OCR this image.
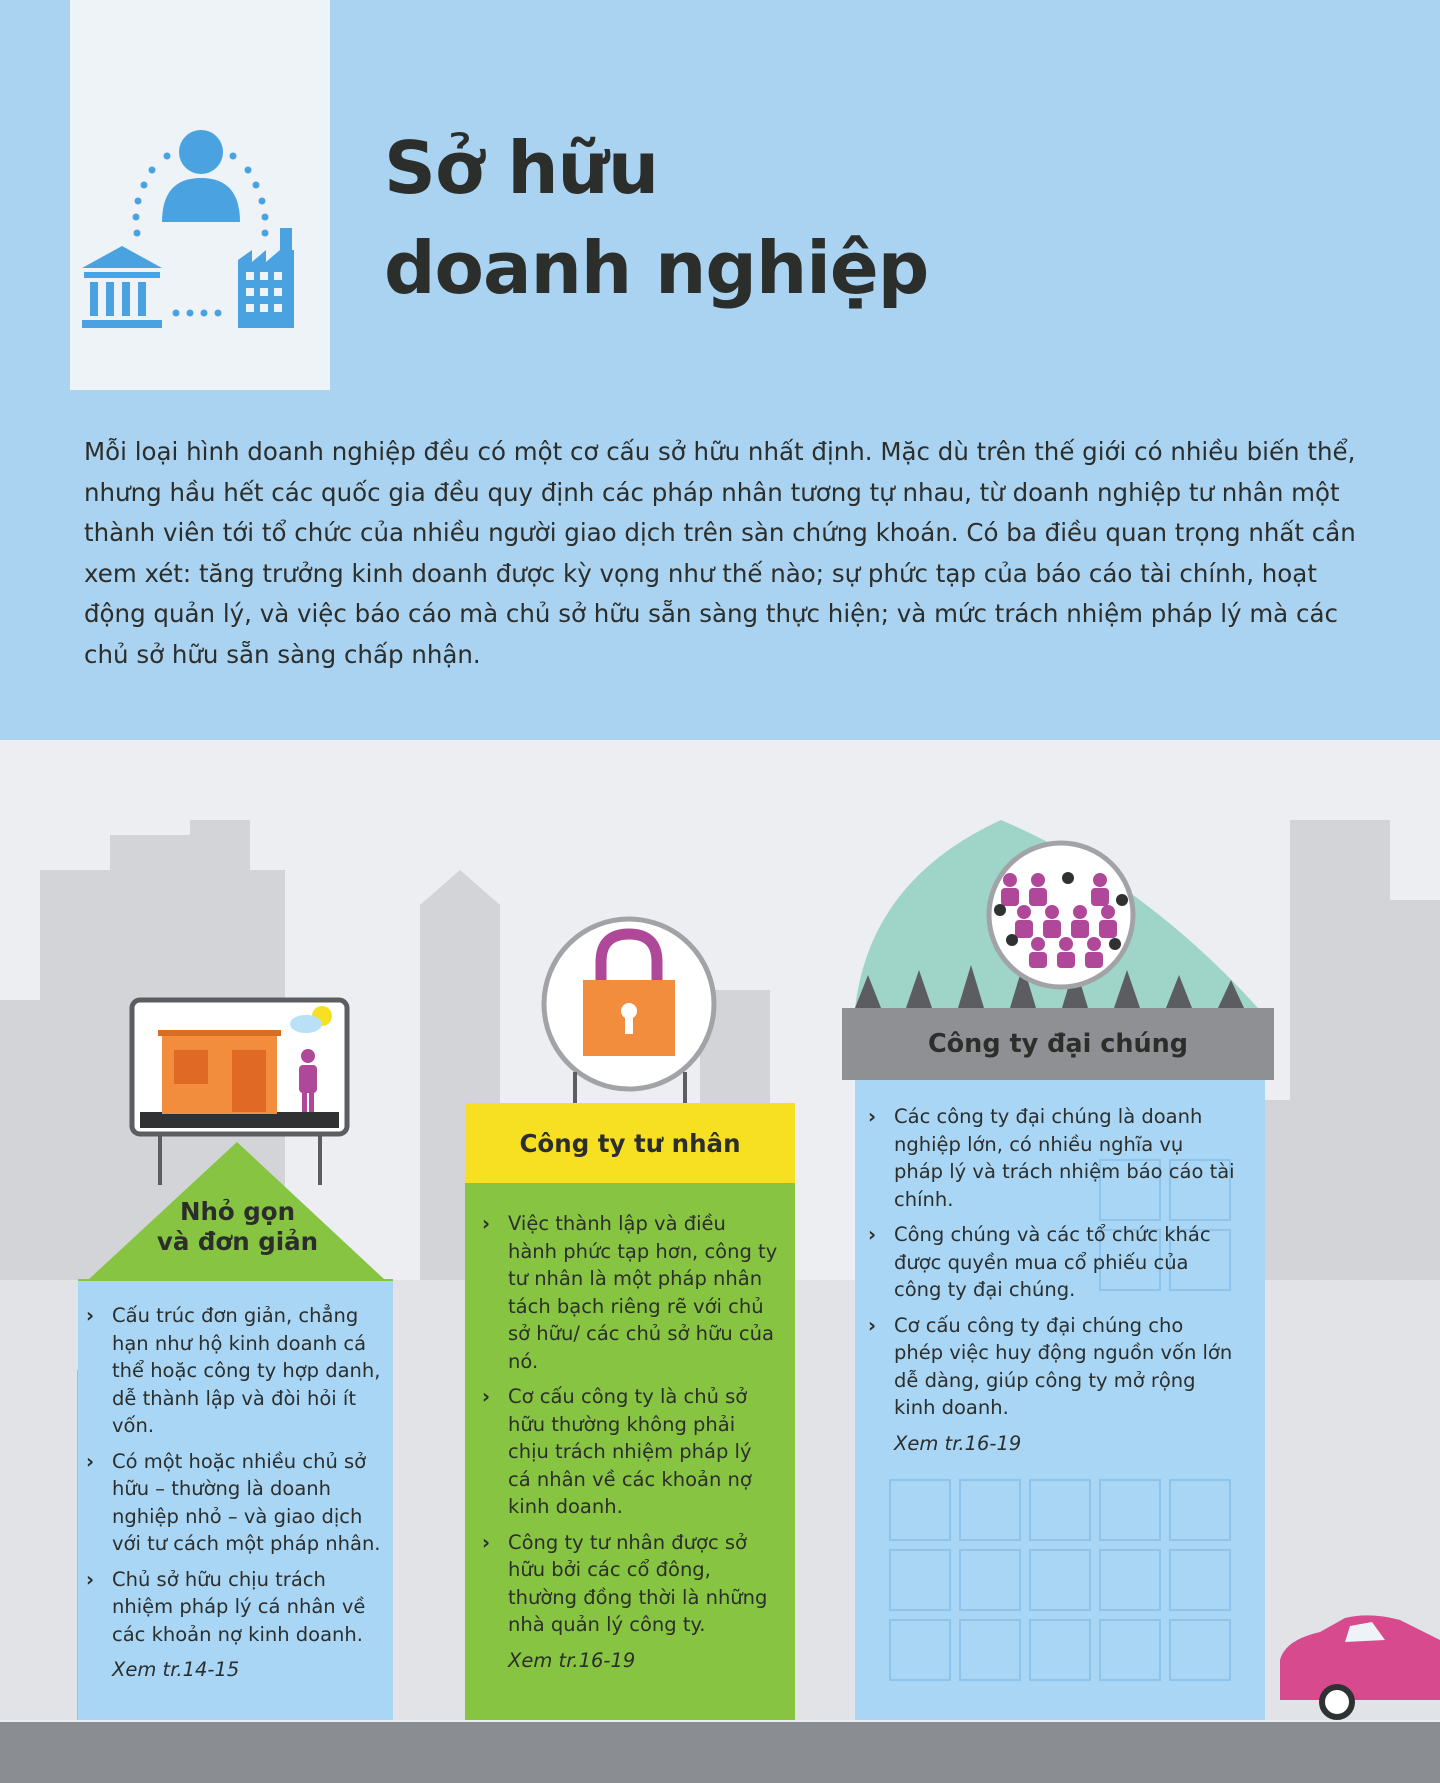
Sở hữu
doanh nghiệp

Mỗi loại hình doanh nghiệp đều có một cơ cấu sở hữu nhất định. Mặc dù trên thế giới có nhiều biến thể, nhưng hầu hết các quốc gia đều quy định các pháp nhân tương tự nhau, từ doanh nghiệp tư nhân một thành viên tới tổ chức của nhiều người giao dịch trên sàn chứng khoán. Có ba điều quan trọng nhất cần xem xét: tăng trưởng kinh doanh được kỳ vọng như thế nào; sự phức tạp của báo cáo tài chính, hoạt động quản lý, và việc báo cáo mà chủ sở hữu sẵn sàng thực hiện; và mức trách nhiệm pháp lý mà các chủ sở hữu sẵn sàng chấp nhận.

Nhỏ gọn
và đơn giản
› Cấu trúc đơn giản, chẳng hạn như hộ kinh doanh cá thể hoặc công ty hợp danh, dễ thành lập và đòi hỏi ít vốn.
› Có một hoặc nhiều chủ sở hữu – thường là doanh nghiệp nhỏ – và giao dịch với tư cách một pháp nhân.
› Chủ sở hữu chịu trách nhiệm pháp lý cá nhân về các khoản nợ kinh doanh.
Xem tr.14-15
Công ty tư nhân
› Việc thành lập và điều hành phức tạp hơn, công ty tư nhân là một pháp nhân tách bạch riêng rẽ với chủ sở hữu/ các chủ sở hữu của nó.
› Cơ cấu công ty là chủ sở hữu thường không phải chịu trách nhiệm pháp lý cá nhân về các khoản nợ kinh doanh.
› Công ty tư nhân được sở hữu bởi các cổ đông, thường đồng thời là những nhà quản lý công ty.
Xem tr.16-19
Công ty đại chúng
› Các công ty đại chúng là doanh nghiệp lớn, có nhiều nghĩa vụ pháp lý và trách nhiệm báo cáo tài chính.
› Công chúng và các tổ chức khác được quyền mua cổ phiếu của công ty đại chúng.
› Cơ cấu công ty đại chúng cho phép việc huy động nguồn vốn lớn dễ dàng, giúp công ty mở rộng kinh doanh.
Xem tr.16-19
